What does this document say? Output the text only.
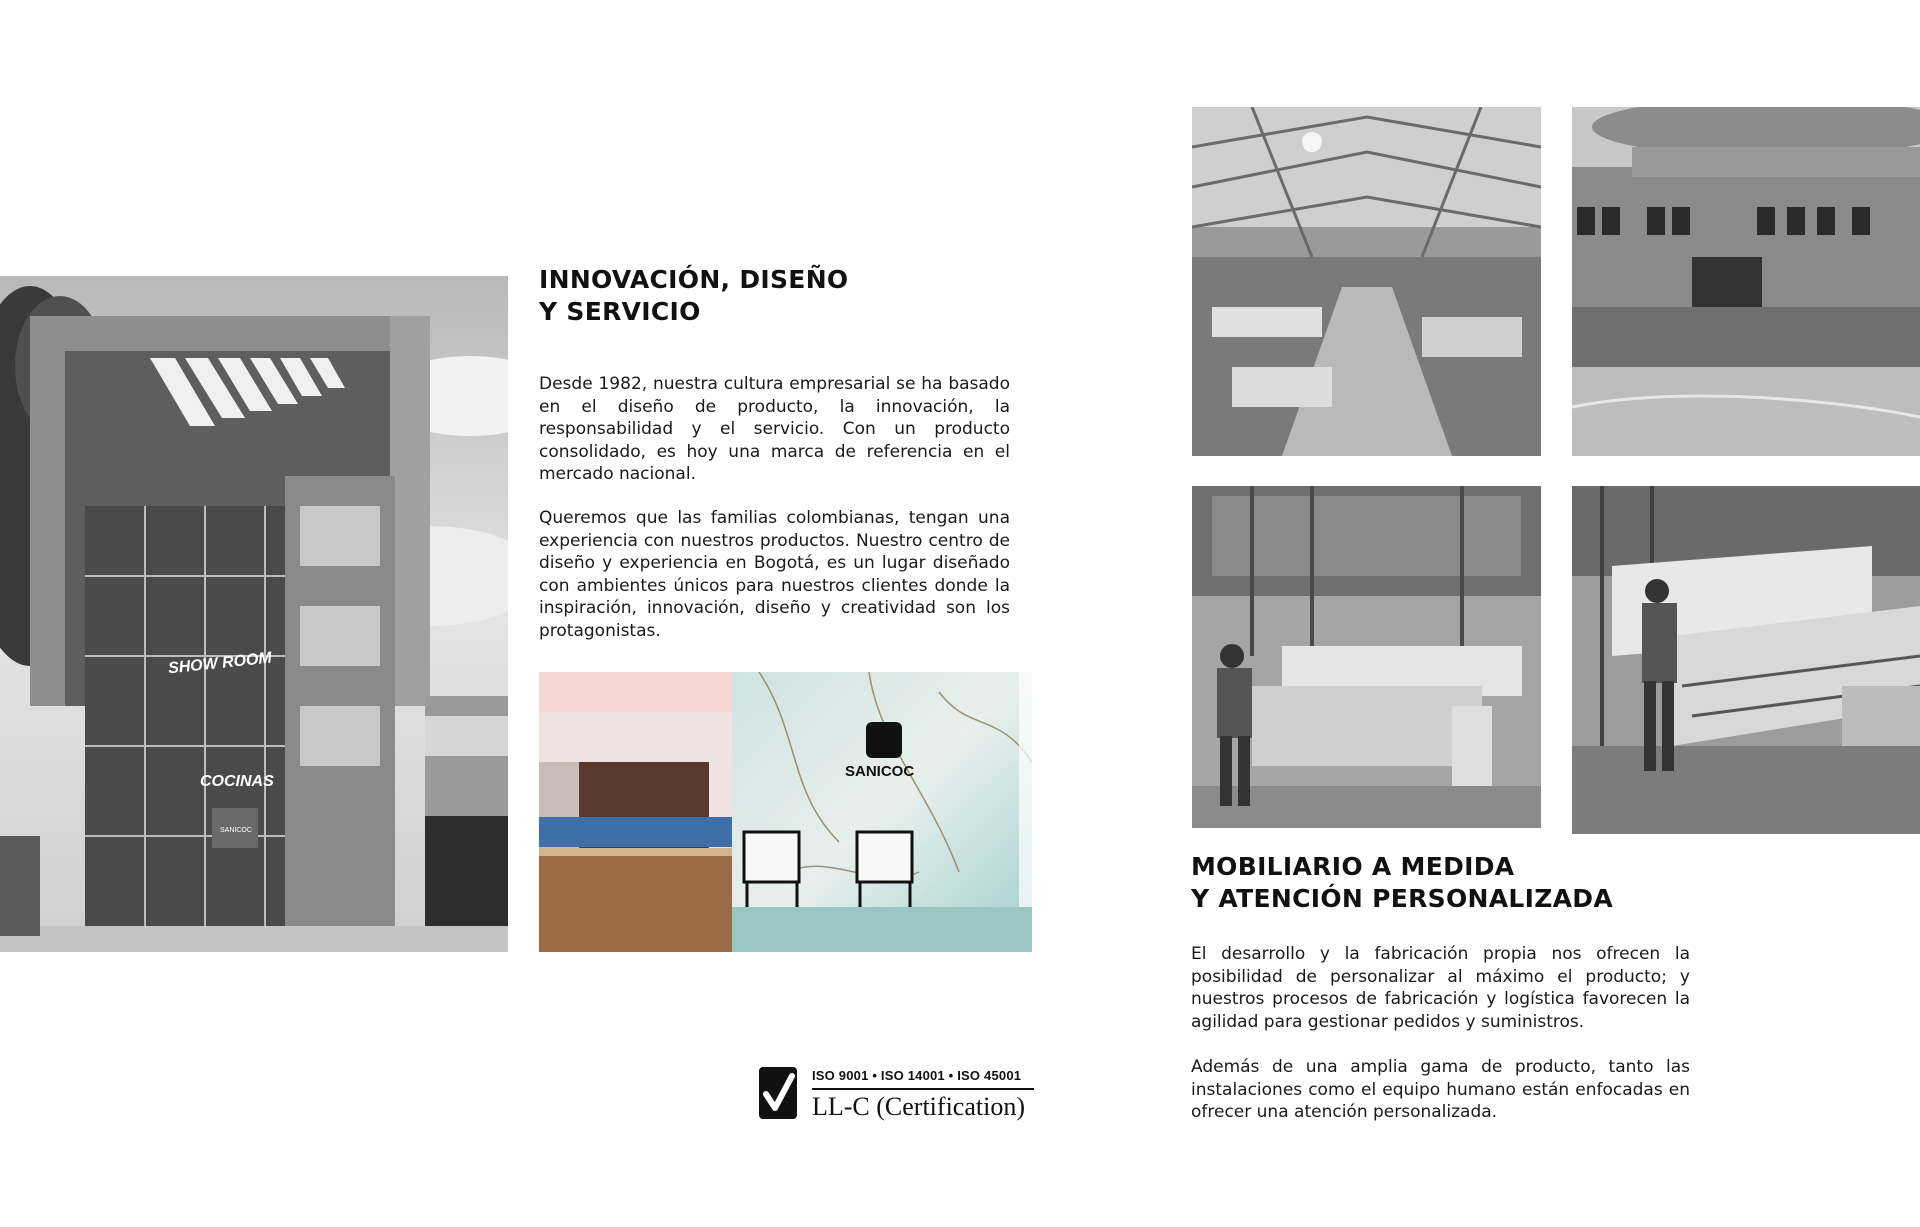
SHOW ROOM
COCINAS
SANICOC
INNOVACIÓN, DISEÑO
Y SERVICIO

Desde 1982, nuestra cultura empresarial se ha basado en el diseño de producto, la innovación, la responsabilidad y el servicio. Con un producto consolidado, es hoy una marca de referencia en el mercado nacional.

Queremos que las familias colombianas, tengan una experiencia con nuestros productos. Nuestro centro de diseño y experiencia en Bogotá, es un lugar diseñado con ambientes únicos para nuestros clientes donde la inspiración, innovación, diseño y creatividad son los protagonistas.

SANICOC
ISO 9001 • ISO 14001 • ISO 45001
LL-C (Certification)
MOBILIARIO A MEDIDA
Y ATENCIÓN PERSONALIZADA

El desarrollo y la fabricación propia nos ofrecen la posibilidad de personalizar al máximo el producto; y nuestros procesos de fabricación y logística favorecen la agilidad para gestionar pedidos y suministros.

Además de una amplia gama de producto, tanto las instalaciones como el equipo humano están enfocadas en ofrecer una atención personalizada.
